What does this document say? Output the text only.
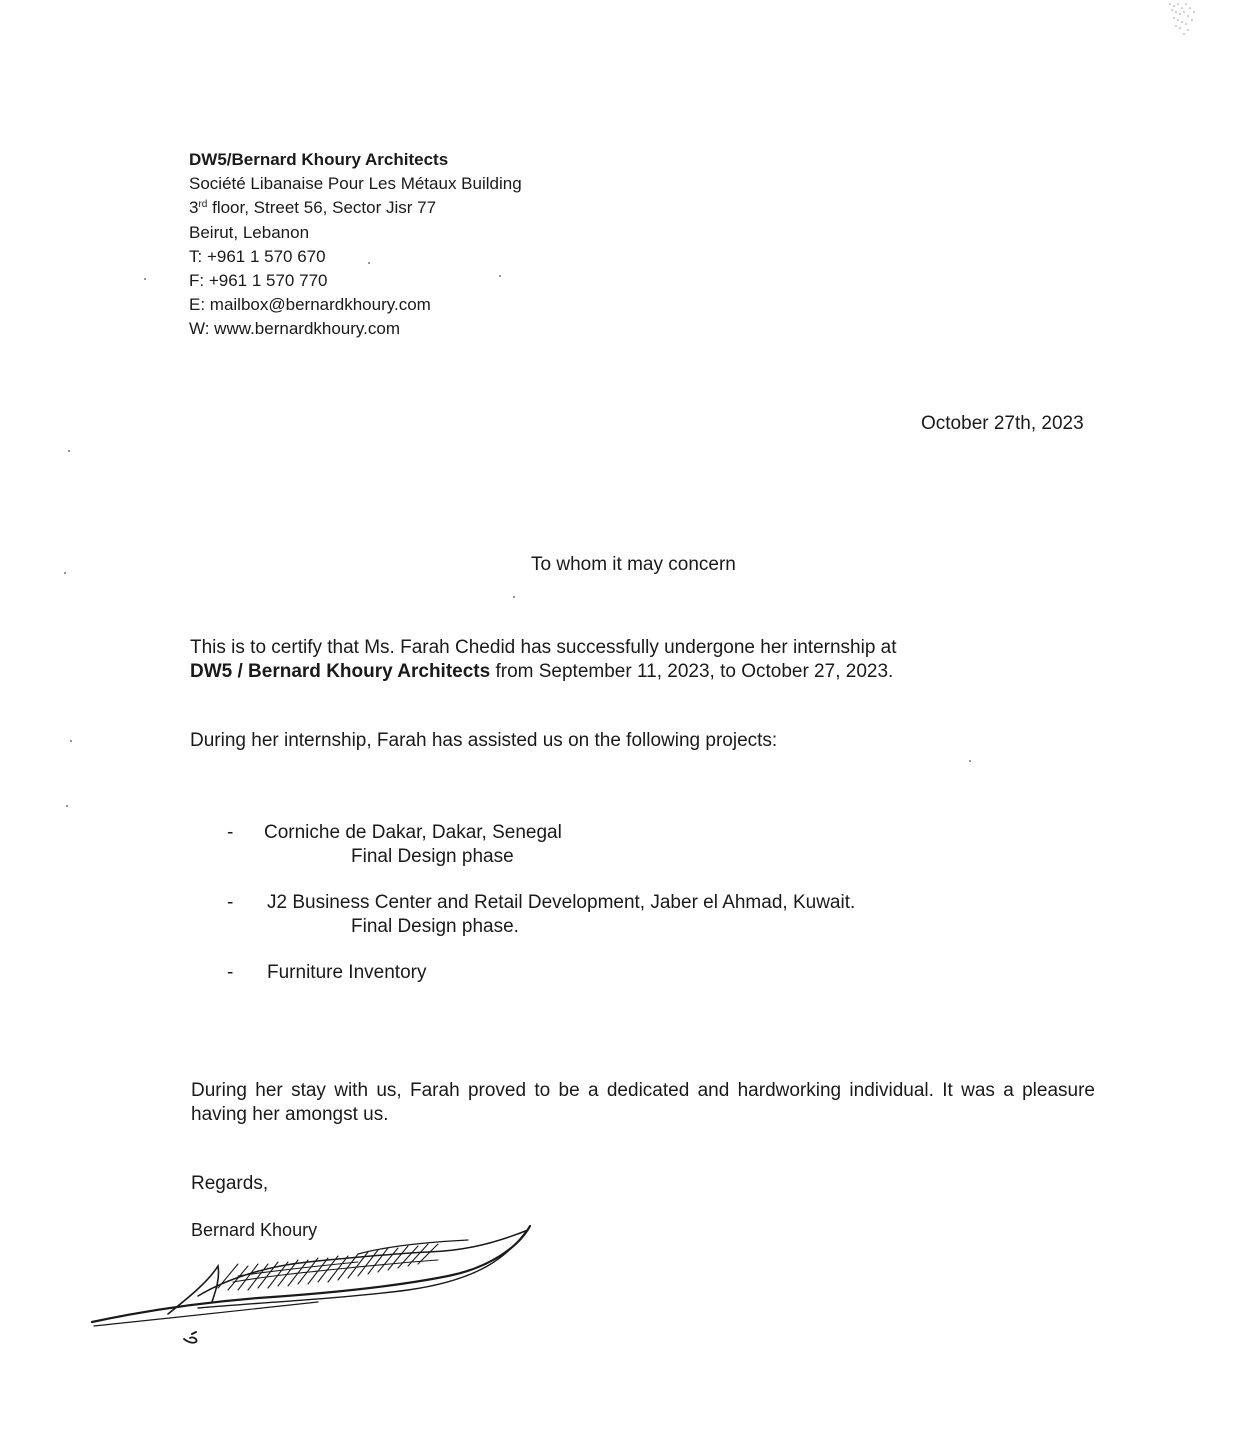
DW5/Bernard Khoury Architects
Société Libanaise Pour Les Métaux Building
3rd floor, Street 56, Sector Jisr 77
Beirut, Lebanon
T: +961 1 570 670
F: +961 1 570 770
E: mailbox@bernardkhoury.com
W: www.bernardkhoury.com
October 27th, 2023
To whom it may concern
This is to certify that Ms. Farah Chedid has successfully undergone her internship at
DW5 / Bernard Khoury Architects from September 11, 2023, to October 27, 2023.
During her internship, Farah has assisted us on the following projects:
- Corniche de Dakar, Dakar, Senegal
Final Design phase
- J2 Business Center and Retail Development, Jaber el Ahmad, Kuwait.
Final Design phase.
- Furniture Inventory
During her stay with us, Farah proved to be a dedicated and hardworking individual. It was a pleasure having her amongst us.
Regards,
Bernard Khoury
